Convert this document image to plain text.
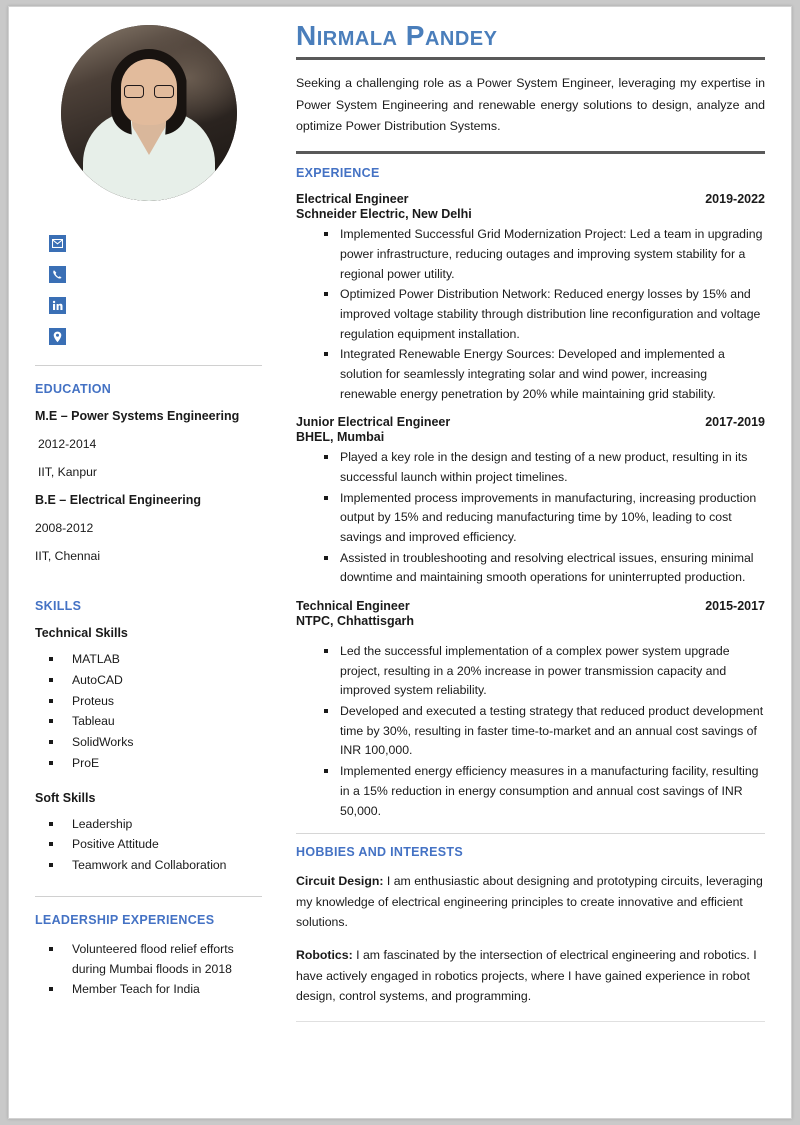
EDUCATION
M.E – Power Systems Engineering
2012-2014
IIT, Kanpur
B.E – Electrical Engineering
2008-2012
IIT, Chennai
SKILLS
Technical Skills
MATLAB
AutoCAD
Proteus
Tableau
SolidWorks
ProE
Soft Skills
Leadership
Positive Attitude
Teamwork and Collaboration
LEADERSHIP EXPERIENCES
Volunteered flood relief efforts during Mumbai floods in 2018
Member Teach for India
Nirmala Pandey
Seeking a challenging role as a Power System Engineer, leveraging my expertise in Power System Engineering and renewable energy solutions to design, analyze and optimize Power Distribution Systems.
EXPERIENCE
Electrical Engineer	2019-2022
Schneider Electric, New Delhi
Implemented Successful Grid Modernization Project: Led a team in upgrading power infrastructure, reducing outages and improving system stability for a regional power utility.
Optimized Power Distribution Network: Reduced energy losses by 15% and improved voltage stability through distribution line reconfiguration and voltage regulation equipment installation.
Integrated Renewable Energy Sources: Developed and implemented a solution for seamlessly integrating solar and wind power, increasing renewable energy penetration by 20% while maintaining grid stability.
Junior Electrical Engineer	2017-2019
BHEL, Mumbai
Played a key role in the design and testing of a new product, resulting in its successful launch within project timelines.
Implemented process improvements in manufacturing, increasing production output by 15% and reducing manufacturing time by 10%, leading to cost savings and improved efficiency.
Assisted in troubleshooting and resolving electrical issues, ensuring minimal downtime and maintaining smooth operations for uninterrupted production.
Technical Engineer	2015-2017
NTPC, Chhattisgarh
Led the successful implementation of a complex power system upgrade project, resulting in a 20% increase in power transmission capacity and improved system reliability.
Developed and executed a testing strategy that reduced product development time by 30%, resulting in faster time-to-market and an annual cost savings of INR 100,000.
Implemented energy efficiency measures in a manufacturing facility, resulting in a 15% reduction in energy consumption and annual cost savings of INR 50,000.
HOBBIES AND INTERESTS

Circuit Design: I am enthusiastic about designing and prototyping circuits, leveraging my knowledge of electrical engineering principles to create innovative and efficient solutions.

Robotics: I am fascinated by the intersection of electrical engineering and robotics. I have actively engaged in robotics projects, where I have gained experience in robot design, control systems, and programming.
